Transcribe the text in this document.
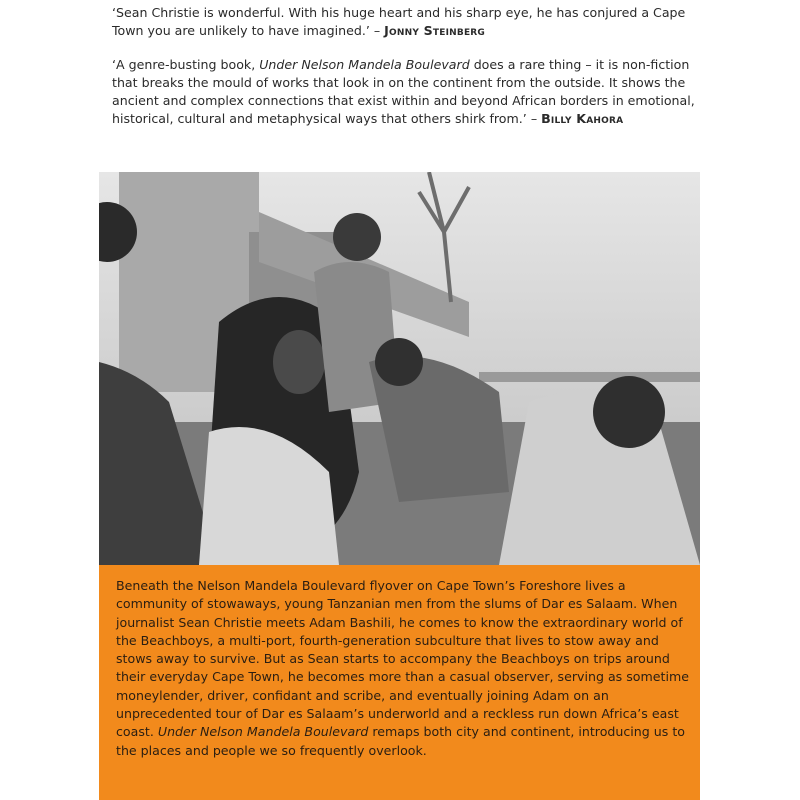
‘Sean Christie is wonderful. With his huge heart and his sharp eye, he has conjured a Cape Town you are unlikely to have imagined.’ – Jonny Steinberg

‘A genre-busting book, Under Nelson Mandela Boulevard does a rare thing – it is non-fiction that breaks the mould of works that look in on the continent from the outside. It shows the ancient and complex connections that exist within and beyond African borders in emotional, historical, cultural and metaphysical ways that others shirk from.’ – Billy Kahora

Beneath the Nelson Mandela Boulevard flyover on Cape Town’s Foreshore lives a community of stowaways, young Tanzanian men from the slums of Dar es Salaam. When journalist Sean Christie meets Adam Bashili, he comes to know the extraordinary world of the Beachboys, a multi-port, fourth-generation subculture that lives to stow away and stows away to survive. But as Sean starts to accompany the Beachboys on trips around their everyday Cape Town, he becomes more than a casual observer, serving as sometime moneylender, driver, confidant and scribe, and eventually joining Adam on an unprecedented tour of Dar es Salaam’s underworld and a reckless run down Africa’s east coast. Under Nelson Mandela Boulevard remaps both city and continent, introducing us to the places and people we so frequently overlook.
